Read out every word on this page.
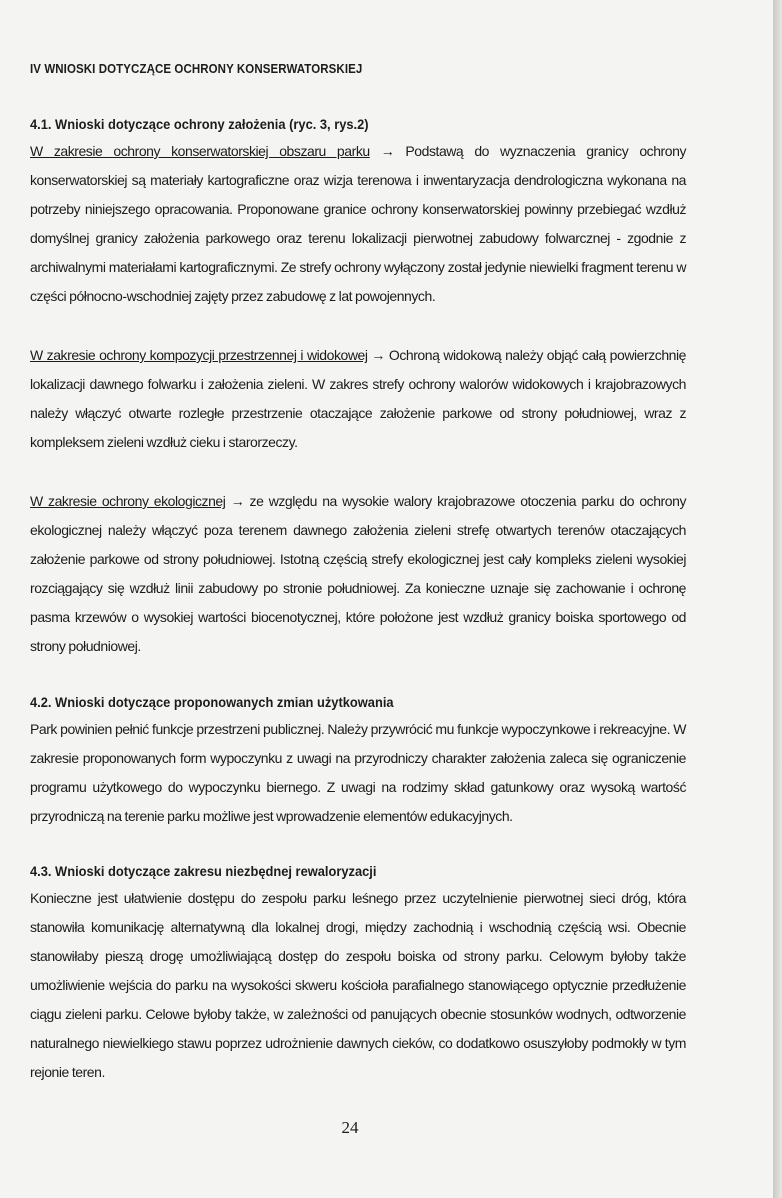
IV WNIOSKI DOTYCZĄCE OCHRONY KONSERWATORSKIEJ
4.1. Wnioski dotyczące ochrony założenia (ryc. 3, rys.2)

W zakresie ochrony konserwatorskiej obszaru parku → Podstawą do wyznaczenia granicy ochrony konserwatorskiej są materiały kartograficzne oraz wizja terenowa i inwentaryzacja dendrologiczna wykonana na potrzeby niniejszego opracowania. Proponowane granice ochrony konserwatorskiej powinny przebiegać wzdłuż domyślnej granicy założenia parkowego oraz terenu lokalizacji pierwotnej zabudowy folwarcznej - zgodnie z archiwalnymi materiałami kartograficznymi. Ze strefy ochrony wyłączony został jedynie niewielki fragment terenu w części północno-wschodniej zajęty przez zabudowę z lat powojennych.

W zakresie ochrony kompozycji przestrzennej i widokowej → Ochroną widokową należy objąć całą powierzchnię lokalizacji dawnego folwarku i założenia zieleni. W zakres strefy ochrony walorów widokowych i krajobrazowych należy włączyć otwarte rozległe przestrzenie otaczające założenie parkowe od strony południowej, wraz z kompleksem zieleni wzdłuż cieku i starorzeczy.

W zakresie ochrony ekologicznej → ze względu na wysokie walory krajobrazowe otoczenia parku do ochrony ekologicznej należy włączyć poza terenem dawnego założenia zieleni strefę otwartych terenów otaczających założenie parkowe od strony południowej. Istotną częścią strefy ekologicznej jest cały kompleks zieleni wysokiej rozciągający się wzdłuż linii zabudowy po stronie południowej. Za konieczne uznaje się zachowanie i ochronę pasma krzewów o wysokiej wartości biocenotycznej, które położone jest wzdłuż granicy boiska sportowego od strony południowej.

4.2. Wnioski dotyczące proponowanych zmian użytkowania

Park powinien pełnić funkcje przestrzeni publicznej. Należy przywrócić mu funkcje wypoczynkowe i rekreacyjne. W zakresie proponowanych form wypoczynku z uwagi na przyrodniczy charakter założenia zaleca się ograniczenie programu użytkowego do wypoczynku biernego. Z uwagi na rodzimy skład gatunkowy oraz wysoką wartość przyrodniczą na terenie parku możliwe jest wprowadzenie elementów edukacyjnych.

4.3. Wnioski dotyczące zakresu niezbędnej rewaloryzacji

Konieczne jest ułatwienie dostępu do zespołu parku leśnego przez uczytelnienie pierwotnej sieci dróg, która stanowiła komunikację alternatywną dla lokalnej drogi, między zachodnią i wschodnią częścią wsi. Obecnie stanowiłaby pieszą drogę umożliwiającą dostęp do zespołu boiska od strony parku. Celowym byłoby także umożliwienie wejścia do parku na wysokości skweru kościoła parafialnego stanowiącego optycznie przedłużenie ciągu zieleni parku. Celowe byłoby także, w zależności od panujących obecnie stosunków wodnych, odtworzenie naturalnego niewielkiego stawu poprzez udrożnienie dawnych cieków, co dodatkowo osuszyłoby podmokły w tym rejonie teren.

24
